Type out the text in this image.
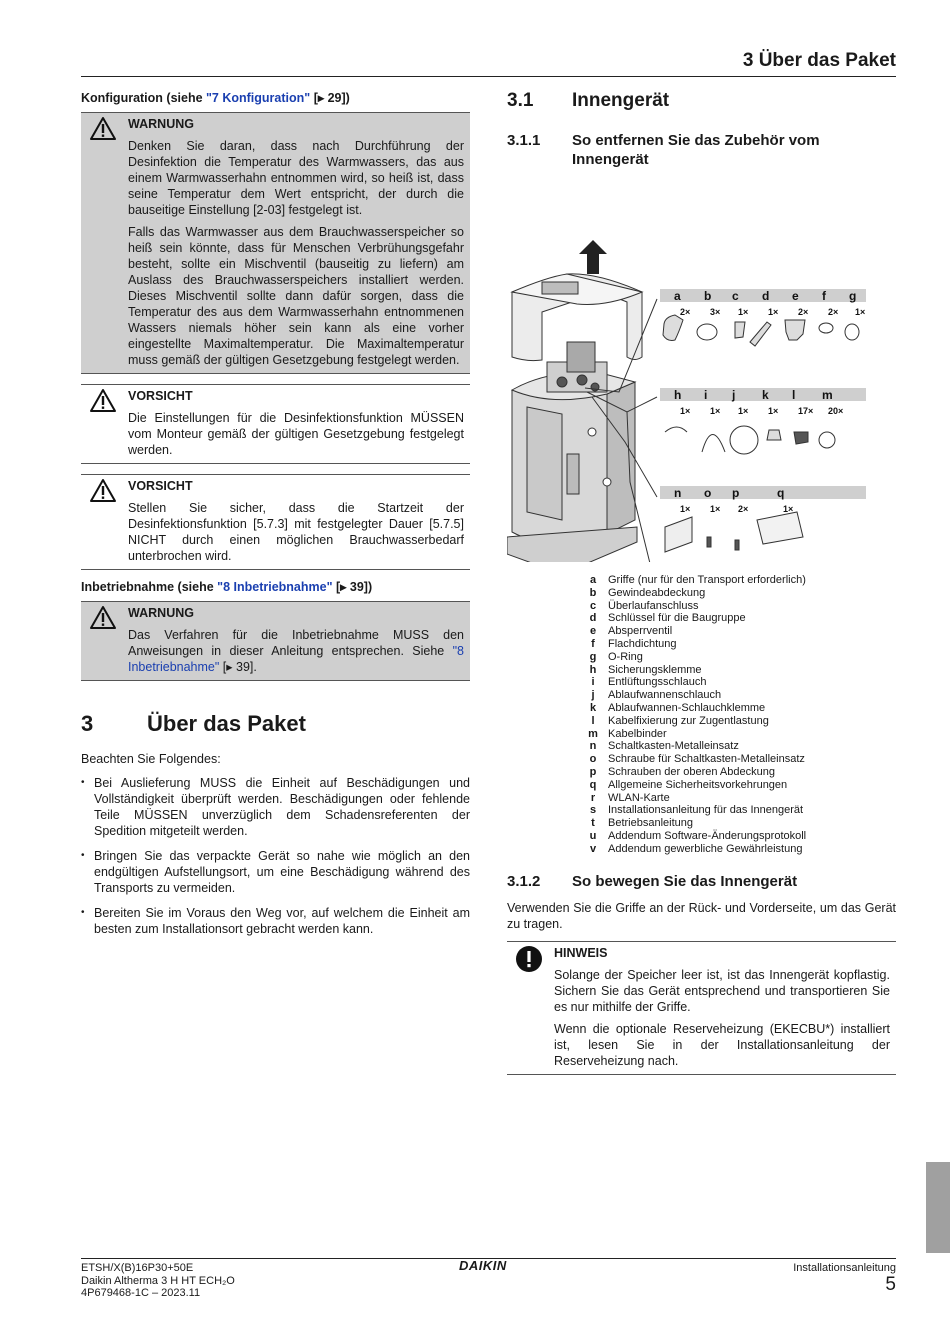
3 Über das Paket
Konfiguration (siehe "7 Konfiguration" [▸ 29])
WARNUNG

Denken Sie daran, dass nach Durchführung der Desinfektion die Temperatur des Warmwassers, das aus einem Warmwasserhahn entnommen wird, so heiß ist, dass seine Temperatur dem Wert entspricht, der durch die bauseitige Einstellung [2-03] festgelegt ist.

Falls das Warmwasser aus dem Brauchwasserspeicher so heiß sein könnte, dass für Menschen Verbrühungsgefahr besteht, sollte ein Mischventil (bauseitig zu liefern) am Auslass des Brauchwasserspeichers installiert werden. Dieses Mischventil sollte dann dafür sorgen, dass die Temperatur des aus dem Warmwasserhahn entnommenen Wassers niemals höher sein kann als eine vorher eingestellte Maximaltemperatur. Die Maximaltemperatur muss gemäß der gültigen Gesetzgebung festgelegt werden.

VORSICHT

Die Einstellungen für die Desinfektionsfunktion MÜSSEN vom Monteur gemäß der gültigen Gesetzgebung festgelegt werden.

VORSICHT

Stellen Sie sicher, dass die Startzeit der Desinfektionsfunktion [5.7.3] mit festgelegter Dauer [5.7.5] NICHT durch einen möglichen Brauchwasserbedarf unterbrochen wird.

Inbetriebnahme (siehe "8 Inbetriebnahme" [▸ 39])
WARNUNG

Das Verfahren für die Inbetriebnahme MUSS den Anweisungen in dieser Anleitung entsprechen. Siehe "8 Inbetriebnahme" [▸ 39].

3	Über das Paket
Beachten Sie Folgendes:
• Bei Auslieferung MUSS die Einheit auf Beschädigungen und Vollständigkeit überprüft werden. Beschädigungen oder fehlende Teile MÜSSEN unverzüglich dem Schadensreferenten der Spedition mitgeteilt werden.
• Bringen Sie das verpackte Gerät so nahe wie möglich an den endgültigen Aufstellungsort, um eine Beschädigung während des Transports zu vermeiden.
• Bereiten Sie im Voraus den Weg vor, auf welchem die Einheit am besten zum Installationsort gebracht werden kann.
3.1	Innengerät
3.1.1	So entfernen Sie das Zubehör vom Innengerät
a
2×
b
3×
c
1×
d
1×
e
2×
f
2×
g
1×
h
1×
i
1×
j
1×
k
1×
l
17×
m
20×
n
1×
o
1×
p
2×
q
1×
a	Griffe (nur für den Transport erforderlich)
b	Gewindeabdeckung
c	Überlaufanschluss
d	Schlüssel für die Baugruppe
e	Absperrventil
f	Flachdichtung
g	O-Ring
h	Sicherungsklemme
i	Entlüftungsschlauch
j	Ablaufwannenschlauch
k	Ablaufwannen-Schlauchklemme
l	Kabelfixierung zur Zugentlastung
m Kabelbinder
n	Schaltkasten-Metalleinsatz
o	Schraube für Schaltkasten-Metalleinsatz
p	Schrauben der oberen Abdeckung
q	Allgemeine Sicherheitsvorkehrungen
r	WLAN-Karte
s	Installationsanleitung für das Innengerät
t	Betriebsanleitung
u	Addendum Software-Änderungsprotokoll
v	Addendum gewerbliche Gewährleistung
3.1.2	So bewegen Sie das Innengerät
Verwenden Sie die Griffe an der Rück- und Vorderseite, um das Gerät zu tragen.
HINWEIS

Solange der Speicher leer ist, ist das Innengerät kopflastig. Sichern Sie das Gerät entsprechend und transportieren Sie es nur mithilfe der Griffe.

Wenn die optionale Reserveheizung (EKECBU*) installiert ist, lesen Sie in der Installationsanleitung der Reserveheizung nach.

ETSH/X(B)16P30+50E
Daikin Altherma 3 H HT ECH₂O
4P679468-1C – 2023.11
DAIKIN	Installationsanleitung
5
